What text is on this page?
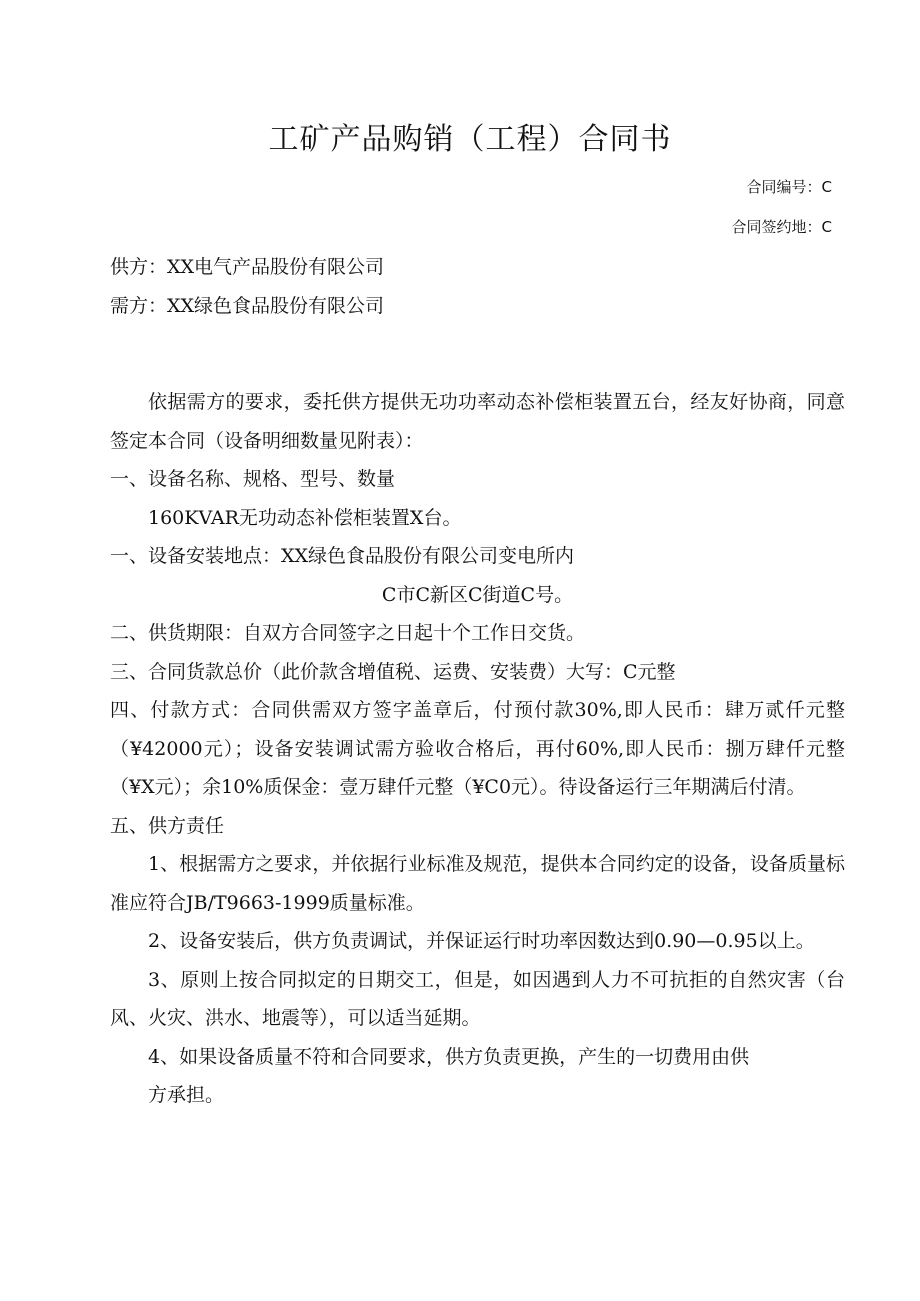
工矿产品购销（工程）合同书
合同编号：C
合同签约地：C

供方：XX电气产品股份有限公司

需方：XX绿色食品股份有限公司

依据需方的要求，委托供方提供无功功率动态补偿柜装置五台，经友好协商，同意签定本合同（设备明细数量见附表）：

一、设备名称、规格、型号、数量

160KVAR无功动态补偿柜装置X台。

一、设备安装地点：XX绿色食品股份有限公司变电所内

C市C新区C街道C号。

二、供货期限：自双方合同签字之日起十个工作日交货。

三、合同货款总价（此价款含增值税、运费、安装费）大写：C元整

四、付款方式：合同供需双方签字盖章后，付预付款30%,即人民币：肆万贰仟元整（¥42000元）；设备安装调试需方验收合格后，再付60%,即人民币：捌万肆仟元整（¥X元）；余10%质保金：壹万肆仟元整（¥C0元）。待设备运行三年期满后付清。

五、供方责任

1、根据需方之要求，并依据行业标准及规范，提供本合同约定的设备，设备质量标准应符合JB/T9663-1999质量标准。

2、设备安装后，供方负责调试，并保证运行时功率因数达到0.90—0.95以上。

3、原则上按合同拟定的日期交工，但是，如因遇到人力不可抗拒的自然灾害（台风、火灾、洪水、地震等），可以适当延期。

4、如果设备质量不符和合同要求，供方负责更换，产生的一切费用由供

方承担。
